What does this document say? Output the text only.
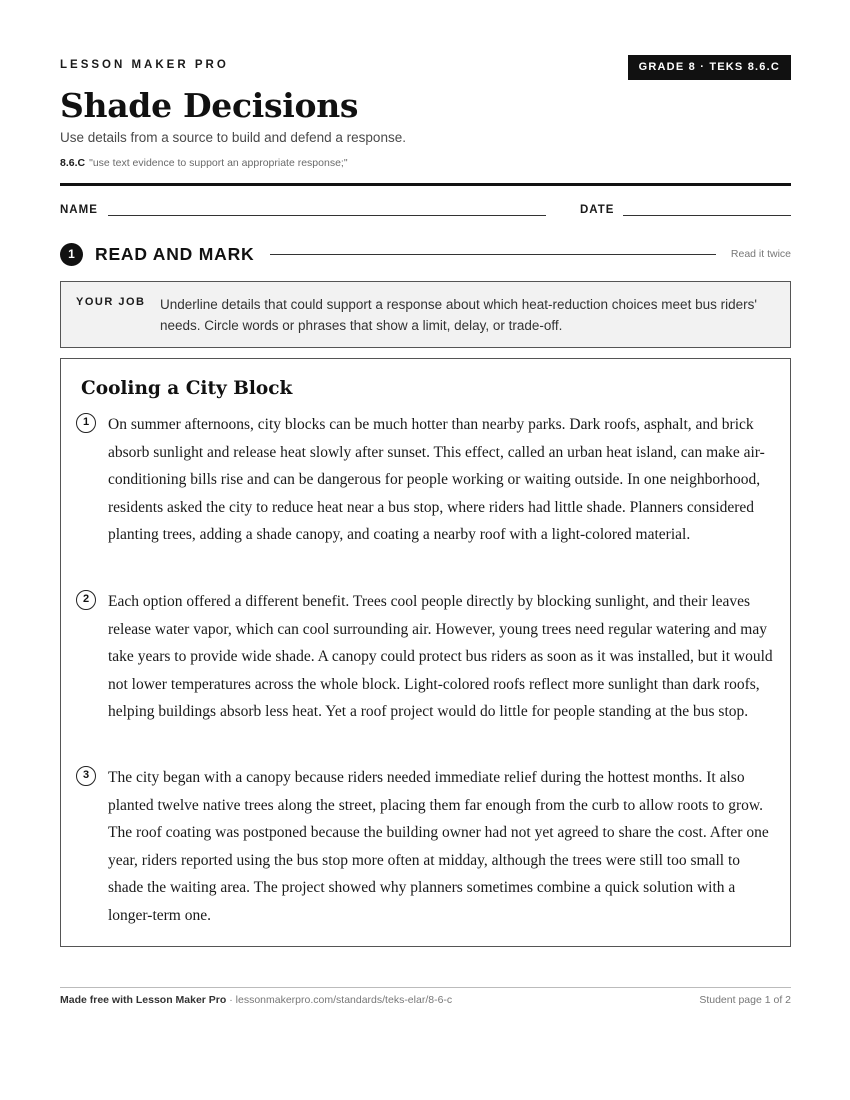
LESSON MAKER PRO	GRADE 8 · TEKS 8.6.C
Shade Decisions
Use details from a source to build and defend a response.
8.6.C "use text evidence to support an appropriate response;"
NAME	DATE
1	READ AND MARK	Read it twice
YOUR JOB Underline details that could support a response about which heat-reduction choices meet bus riders' needs. Circle words or phrases that show a limit, delay, or trade-off.
Cooling a City Block
1	On summer afternoons, city blocks can be much hotter than nearby parks. Dark roofs, asphalt, and brick absorb sunlight and release heat slowly after sunset. This effect, called an urban heat island, can make air-conditioning bills rise and can be dangerous for people working or waiting outside. In one neighborhood, residents asked the city to reduce heat near a bus stop, where riders had little shade. Planners considered planting trees, adding a shade canopy, and coating a nearby roof with a light-colored material.
2	Each option offered a different benefit. Trees cool people directly by blocking sunlight, and their leaves release water vapor, which can cool surrounding air. However, young trees need regular watering and may take years to provide wide shade. A canopy could protect bus riders as soon as it was installed, but it would not lower temperatures across the whole block. Light-colored roofs reflect more sunlight than dark roofs, helping buildings absorb less heat. Yet a roof project would do little for people standing at the bus stop.
3	The city began with a canopy because riders needed immediate relief during the hottest months. It also planted twelve native trees along the street, placing them far enough from the curb to allow roots to grow. The roof coating was postponed because the building owner had not yet agreed to share the cost. After one year, riders reported using the bus stop more often at midday, although the trees were still too small to shade the waiting area. The project showed why planners sometimes combine a quick solution with a longer-term one.
Made free with Lesson Maker Pro · lessonmakerpro.com/standards/teks-elar/8-6-c	Student page 1 of 2
